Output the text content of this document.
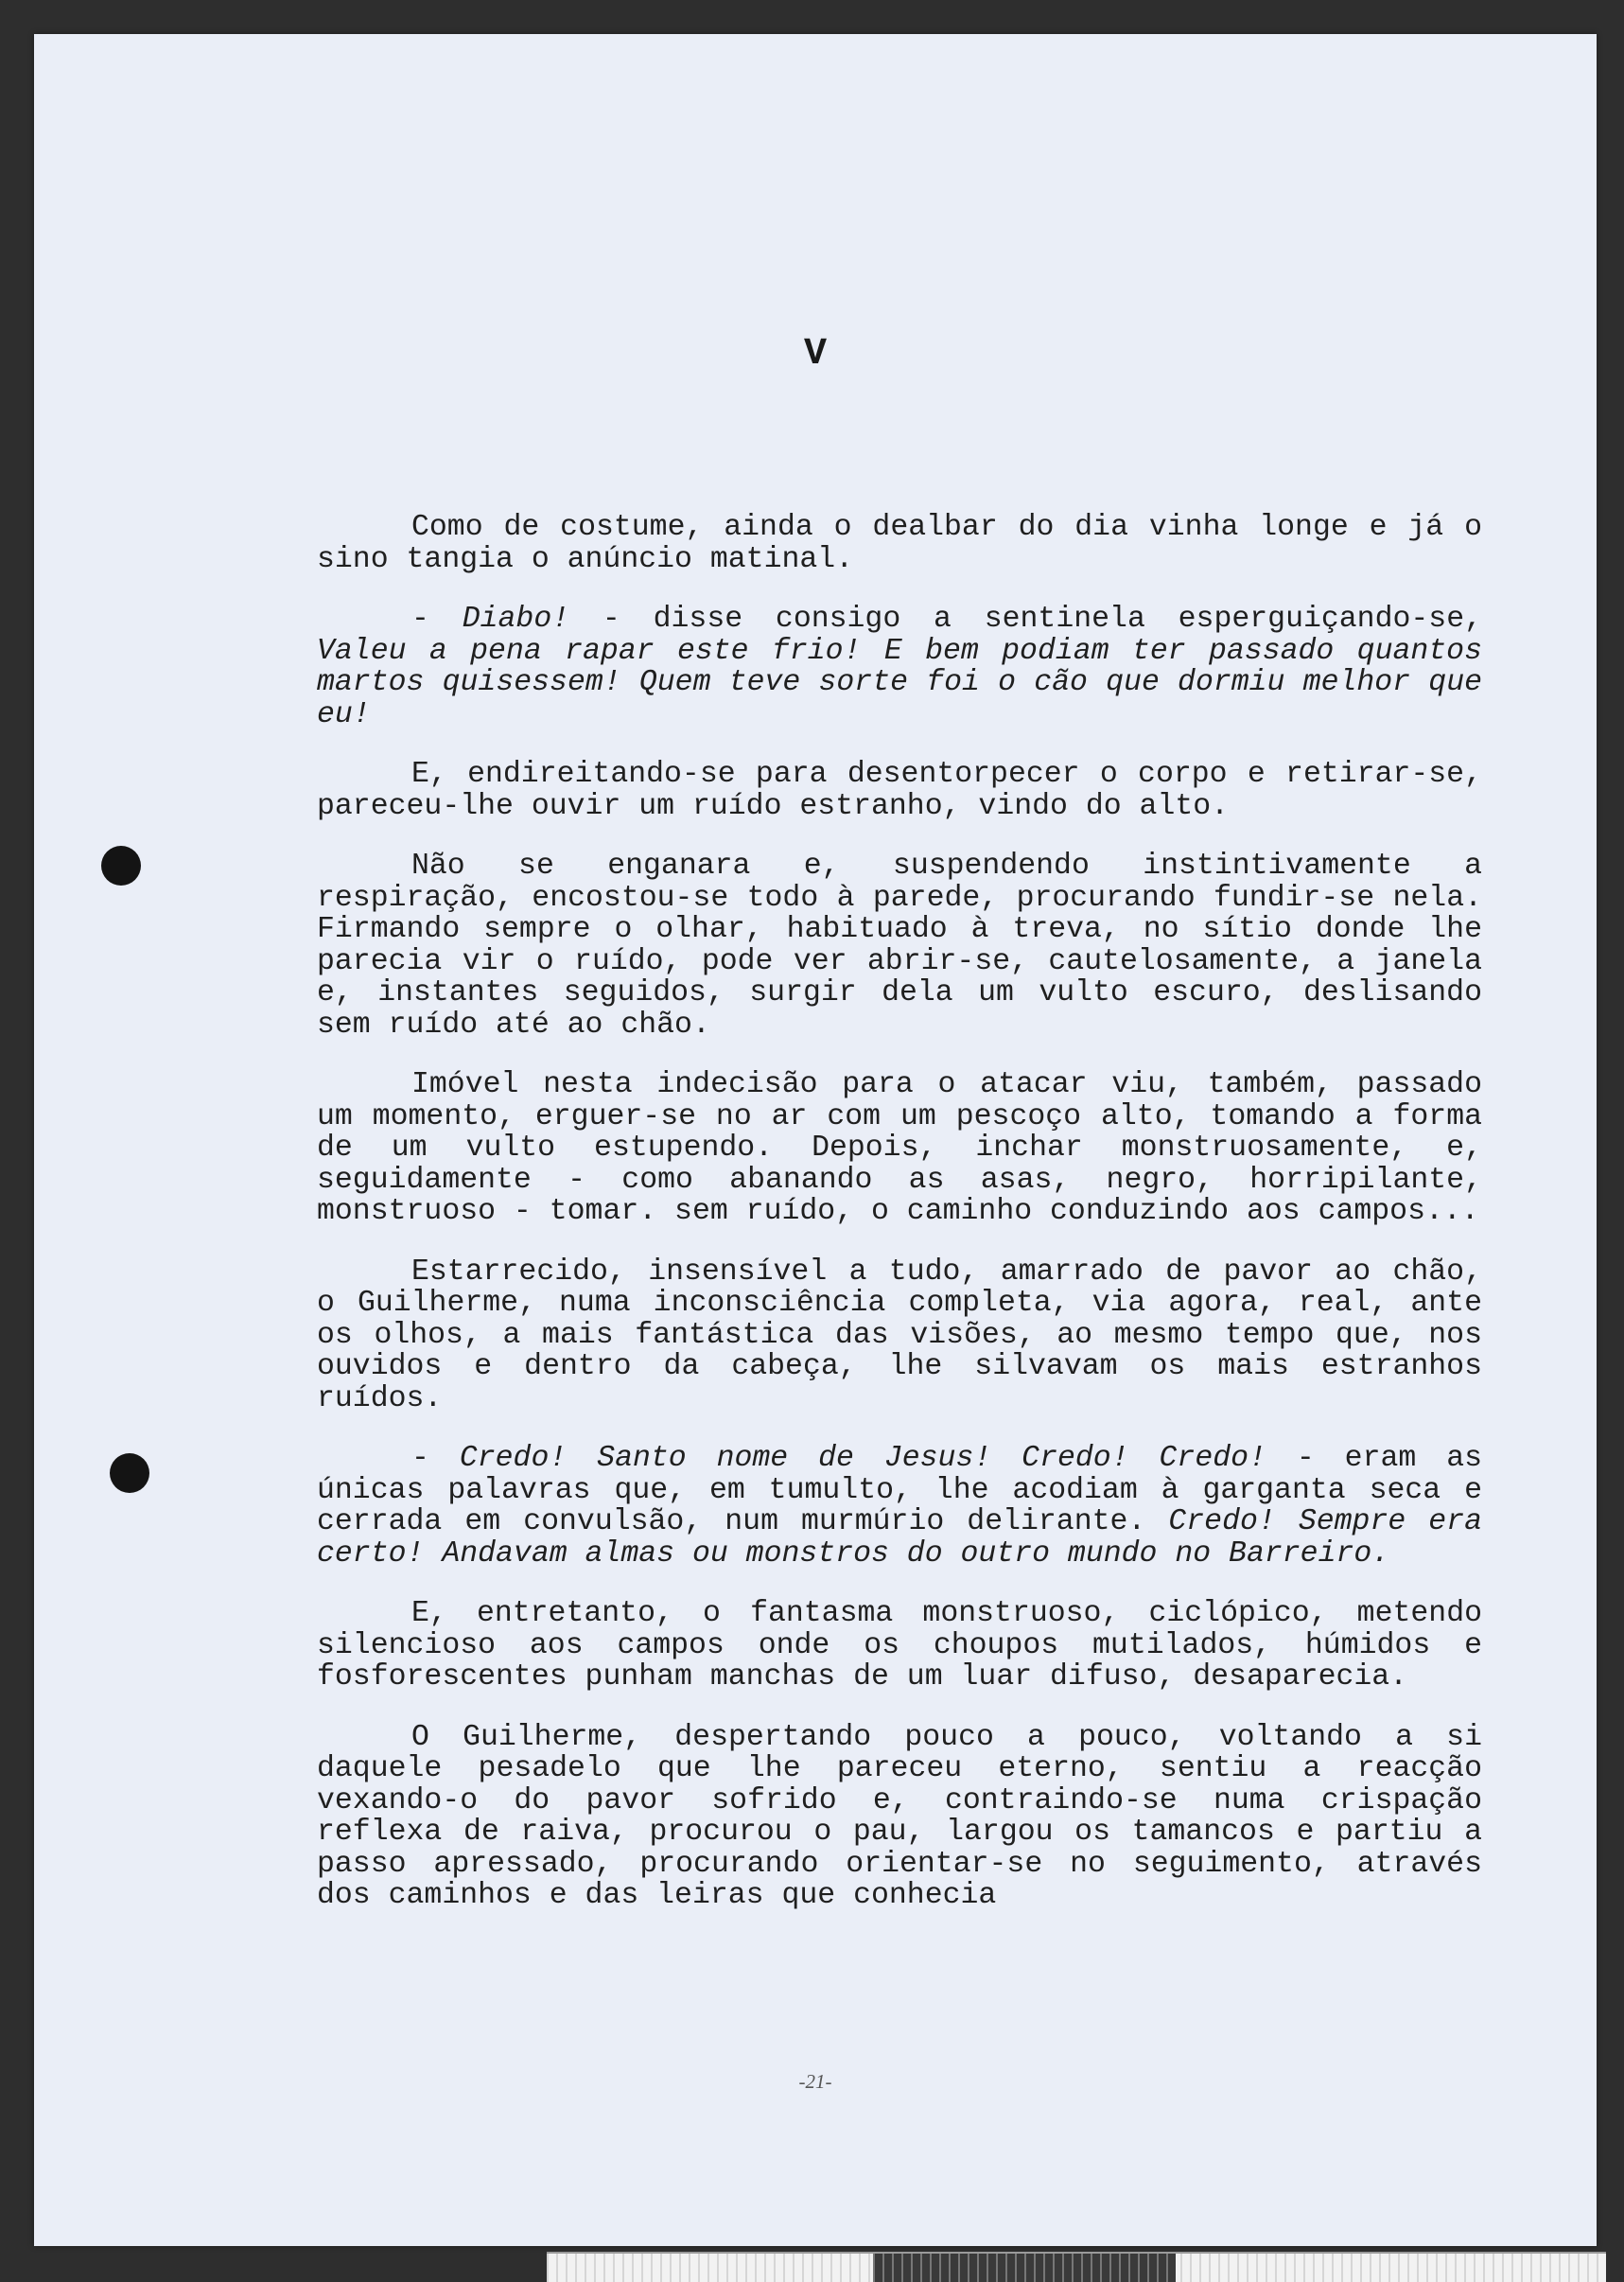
V

Como de costume, ainda o dealbar do dia vinha longe e já o sino tangia o anúncio matinal.

- Diabo! - disse consigo a sentinela esperguiçando-se, Valeu a pena rapar este frio! E bem podiam ter passado quantos martos quisessem! Quem teve sorte foi o cão que dormiu melhor que eu!

E, endireitando-se para desentorpecer o corpo e retirar-se, pareceu-lhe ouvir um ruído estranho, vindo do alto.

Não se enganara e, suspendendo instintivamente a respiração, encostou-se todo à parede, procurando fundir-se nela. Firmando sempre o olhar, habituado à treva, no sítio donde lhe parecia vir o ruído, pode ver abrir-se, cautelosamente, a janela e, instantes seguidos, surgir dela um vulto escuro, deslisando sem ruído até ao chão.

Imóvel nesta indecisão para o atacar viu, também, passado um momento, erguer-se no ar com um pescoço alto, tomando a forma de um vulto estupendo. Depois, inchar monstruosamente, e, seguidamente - como abanando as asas, negro, horripilante, monstruoso - tomar. sem ruído, o caminho conduzindo aos campos...

Estarrecido, insensível a tudo, amarrado de pavor ao chão, o Guilherme, numa inconsciência completa, via agora, real, ante os olhos, a mais fantástica das visões, ao mesmo tempo que, nos ouvidos e dentro da cabeça, lhe silvavam os mais estranhos ruídos.

- Credo! Santo nome de Jesus! Credo! Credo! - eram as únicas palavras que, em tumulto, lhe acodiam à garganta seca e cerrada em convulsão, num murmúrio delirante. Credo! Sempre era certo! Andavam almas ou monstros do outro mundo no Barreiro.

E, entretanto, o fantasma monstruoso, ciclópico, metendo silencioso aos campos onde os choupos mutilados, húmidos e fosforescentes punham manchas de um luar difuso, desaparecia.

O Guilherme, despertando pouco a pouco, voltando a si daquele pesadelo que lhe pareceu eterno, sentiu a reacção vexando-o do pavor sofrido e, contraindo-se numa crispação reflexa de raiva, procurou o pau, largou os tamancos e partiu a passo apressado, procurando orientar-se no seguimento, através dos caminhos e das leiras que conhecia

-21-
